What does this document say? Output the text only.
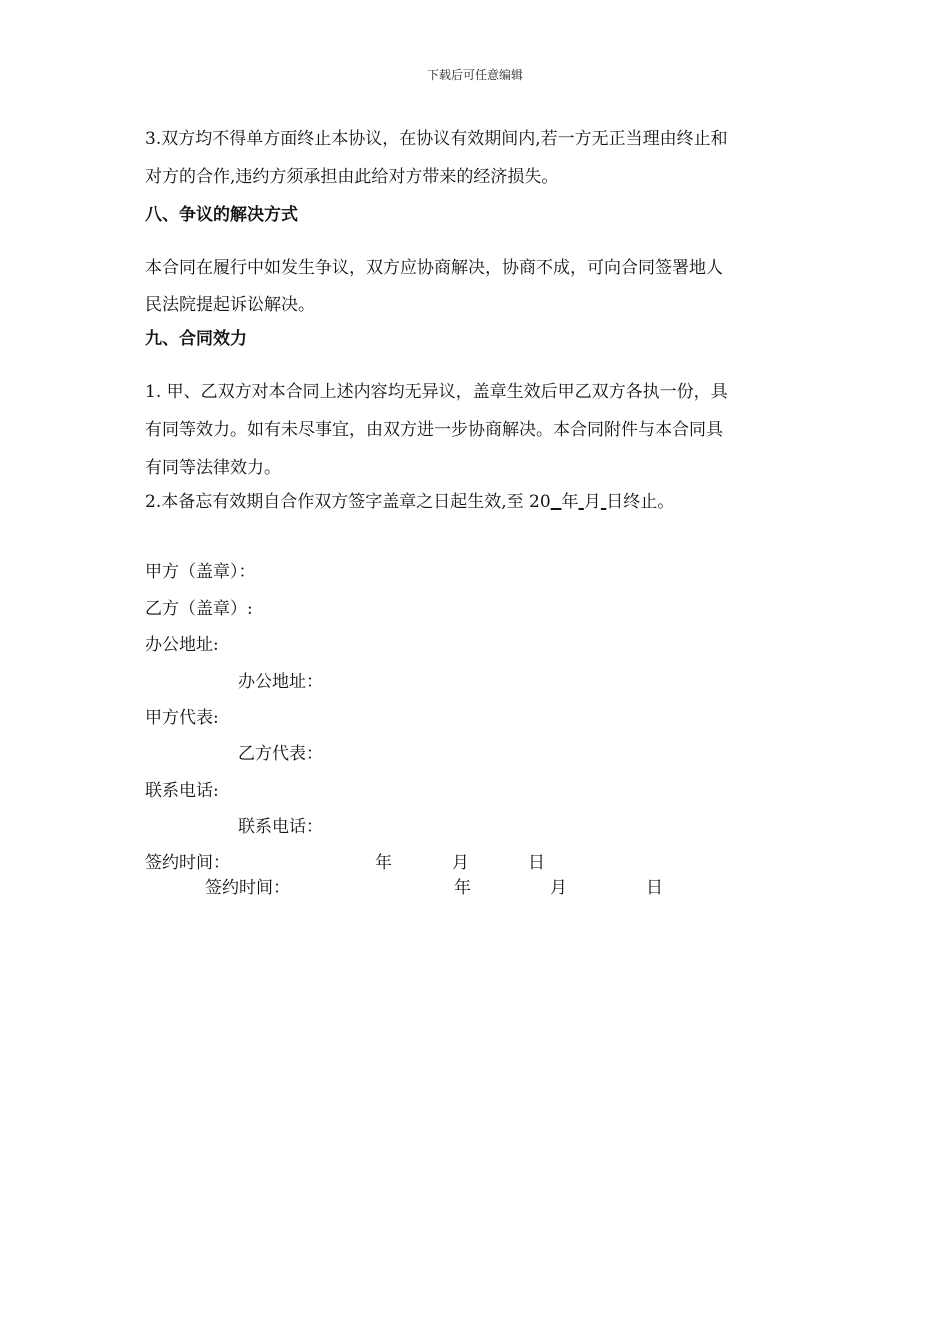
下载后可任意编辑
3.双方均不得单方面终止本协议，在协议有效期间内,若一方无正当理由终止和
对方的合作,违约方须承担由此给对方带来的经济损失。
八、争议的解决方式
本合同在履行中如发生争议，双方应协商解决，协商不成，可向合同签署地人
民法院提起诉讼解决。
九、合同效力
1. 甲、乙双方对本合同上述内容均无异议，盖章生效后甲乙双方各执一份，具
有同等效力。如有未尽事宜，由双方进一步协商解决。本合同附件与本合同具
有同等法律效力。
2.本备忘有效期自合作双方签字盖章之日起生效,至 20 年 月 日终止。
甲方（盖章）：
乙方（盖章）:
办公地址:
办公地址：
甲方代表:
乙方代表：
联系电话:
联系电话：
签约时间：	年	月	日
签约时间：	年	月	日
